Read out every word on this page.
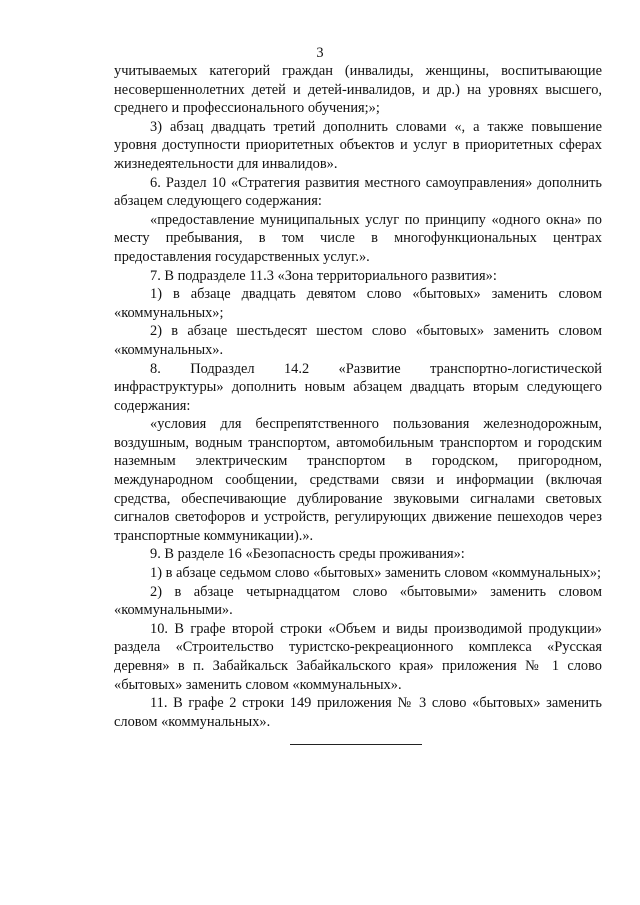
3

учитываемых категорий граждан (инвалиды, женщины, воспитывающие несовершеннолетних детей и детей-инвалидов, и др.) на уровнях высшего, среднего и профессионального обучения;»;

3) абзац двадцать третий дополнить словами «, а также повышение уровня доступности приоритетных объектов и услуг в приоритетных сферах жизнедеятельности для инвалидов».

6. Раздел 10 «Стратегия развития местного самоуправления» дополнить абзацем следующего содержания:

«предоставление муниципальных услуг по принципу «одного окна» по месту пребывания, в том числе в многофункциональных центрах предоставления государственных услуг.».

7. В подразделе 11.3 «Зона территориального развития»:

1) в абзаце двадцать девятом слово «бытовых» заменить словом «коммунальных»;

2) в абзаце шестьдесят шестом слово «бытовых» заменить словом «коммунальных».

8. Подраздел 14.2 «Развитие транспортно-логистической инфраструктуры» дополнить новым абзацем двадцать вторым следующего содержания:

«условия для беспрепятственного пользования железнодорожным, воздушным, водным транспортом, автомобильным транспортом и городским наземным электрическим транспортом в городском, пригородном, международном сообщении, средствами связи и информации (включая средства, обеспечивающие дублирование звуковыми сигналами световых сигналов светофоров и устройств, регулирующих движение пешеходов через транспортные коммуникации).».

9. В разделе 16 «Безопасность среды проживания»:

1) в абзаце седьмом слово «бытовых» заменить словом «коммунальных»;

2) в абзаце четырнадцатом слово «бытовыми» заменить словом «коммунальными».

10. В графе второй строки «Объем и виды производимой продукции» раздела «Строительство туристско-рекреационного комплекса «Русская деревня» в п. Забайкальск Забайкальского края» приложения № 1 слово «бытовых» заменить словом «коммунальных».

11. В графе 2 строки 149 приложения № 3 слово «бытовых» заменить словом «коммунальных».
